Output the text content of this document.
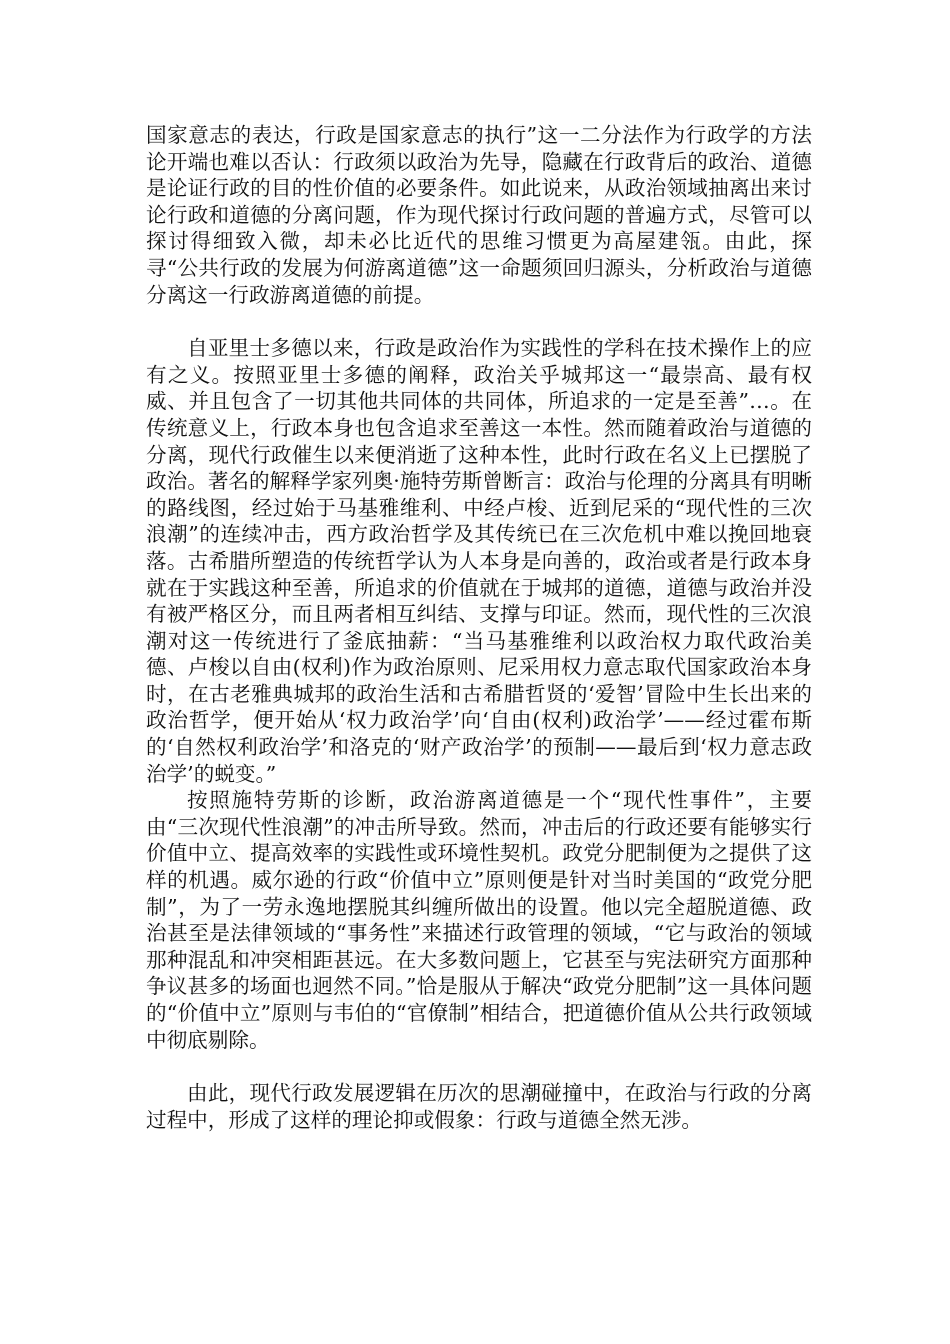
国家意志的表达，行政是国家意志的执行”这一二分法作为行政学的方法论开端也难以否认：行政须以政治为先导，隐藏在行政背后的政治、道德是论证行政的目的性价值的必要条件。如此说来，从政治领域抽离出来讨论行政和道德的分离问题，作为现代探讨行政问题的普遍方式，尽管可以探讨得细致入微，却未必比近代的思维习惯更为高屋建瓴。由此，探寻“公共行政的发展为何游离道德”这一命题须回归源头，分析政治与道德分离这一行政游离道德的前提。

自亚里士多德以来，行政是政治作为实践性的学科在技术操作上的应有之义。按照亚里士多德的阐释，政治关乎城邦这一“最崇高、最有权威、并且包含了一切其他共同体的共同体，所追求的一定是至善”…。在传统意义上，行政本身也包含追求至善这一本性。然而随着政治与道德的分离，现代行政催生以来便消逝了这种本性，此时行政在名义上已摆脱了政治。著名的解释学家列奥·施特劳斯曾断言：政治与伦理的分离具有明晰的路线图，经过始于马基雅维利、中经卢梭、近到尼采的“现代性的三次浪潮”的连续冲击，西方政治哲学及其传统已在三次危机中难以挽回地衰落。古希腊所塑造的传统哲学认为人本身是向善的，政治或者是行政本身就在于实践这种至善，所追求的价值就在于城邦的道德，道德与政治并没有被严格区分，而且两者相互纠结、支撑与印证。然而，现代性的三次浪潮对这一传统进行了釜底抽薪：“当马基雅维利以政治权力取代政治美德、卢梭以自由(权利)作为政治原则、尼采用权力意志取代国家政治本身时，在古老雅典城邦的政治生活和古希腊哲贤的‘爱智’冒险中生长出来的政治哲学，便开始从‘权力政治学’向‘自由(权利)政治学’——经过霍布斯的‘自然权利政治学’和洛克的‘财产政治学’的预制——最后到‘权力意志政治学’的蜕变。”

按照施特劳斯的诊断，政治游离道德是一个“现代性事件”，主要由“三次现代性浪潮”的冲击所导致。然而，冲击后的行政还要有能够实行价值中立、提高效率的实践性或环境性契机。政党分肥制便为之提供了这样的机遇。威尔逊的行政“价值中立”原则便是针对当时美国的“政党分肥制”，为了一劳永逸地摆脱其纠缠所做出的设置。他以完全超脱道德、政治甚至是法律领域的“事务性”来描述行政管理的领域，“它与政治的领域那种混乱和冲突相距甚远。在大多数问题上，它甚至与宪法研究方面那种争议甚多的场面也迥然不同。”恰是服从于解决“政党分肥制”这一具体问题的“价值中立”原则与韦伯的“官僚制”相结合，把道德价值从公共行政领域中彻底剔除。

由此，现代行政发展逻辑在历次的思潮碰撞中，在政治与行政的分离过程中，形成了这样的理论抑或假象：行政与道德全然无涉。
